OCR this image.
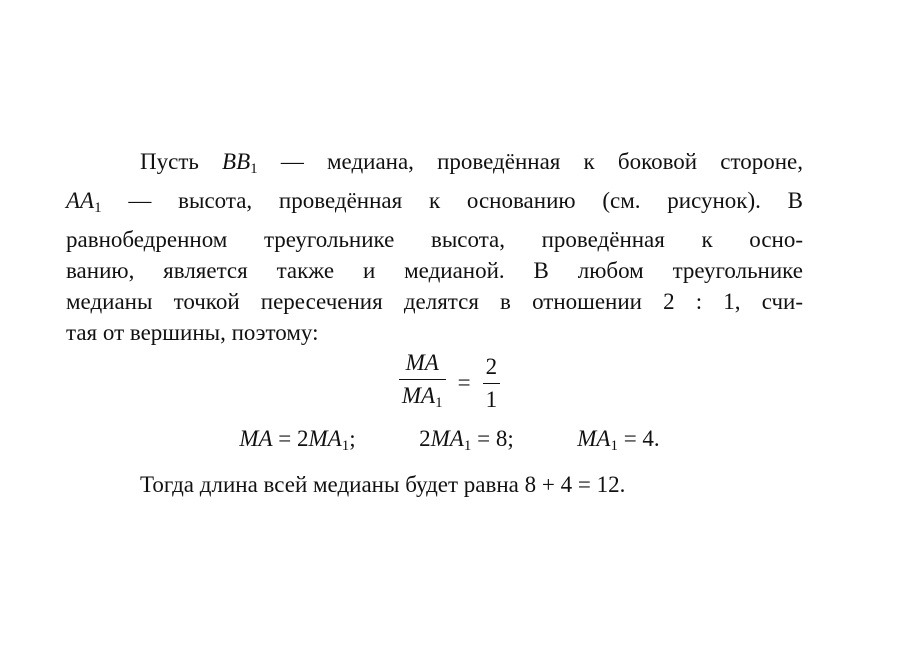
Пусть $BB_1$ — медиана, проведённая к боковой стороне,
$AA_1$ — высота, проведённая к основанию (см. рисунок). В
равнобедренном треугольнике высота, проведённая к осно-
ванию, является также и медианой. В любом треугольнике
медианы точкой пересечения делятся в отношении 2 : 1, счи-
тая от вершины, поэтому:
$\frac{MA}{MA_1} = \frac{2}{1}$
MA = $2MA_1$;	$2MA_1 = 8$;	$MA_1 = 4$.
Тогда длина всей медианы будет равна 8 + 4 = 12.
